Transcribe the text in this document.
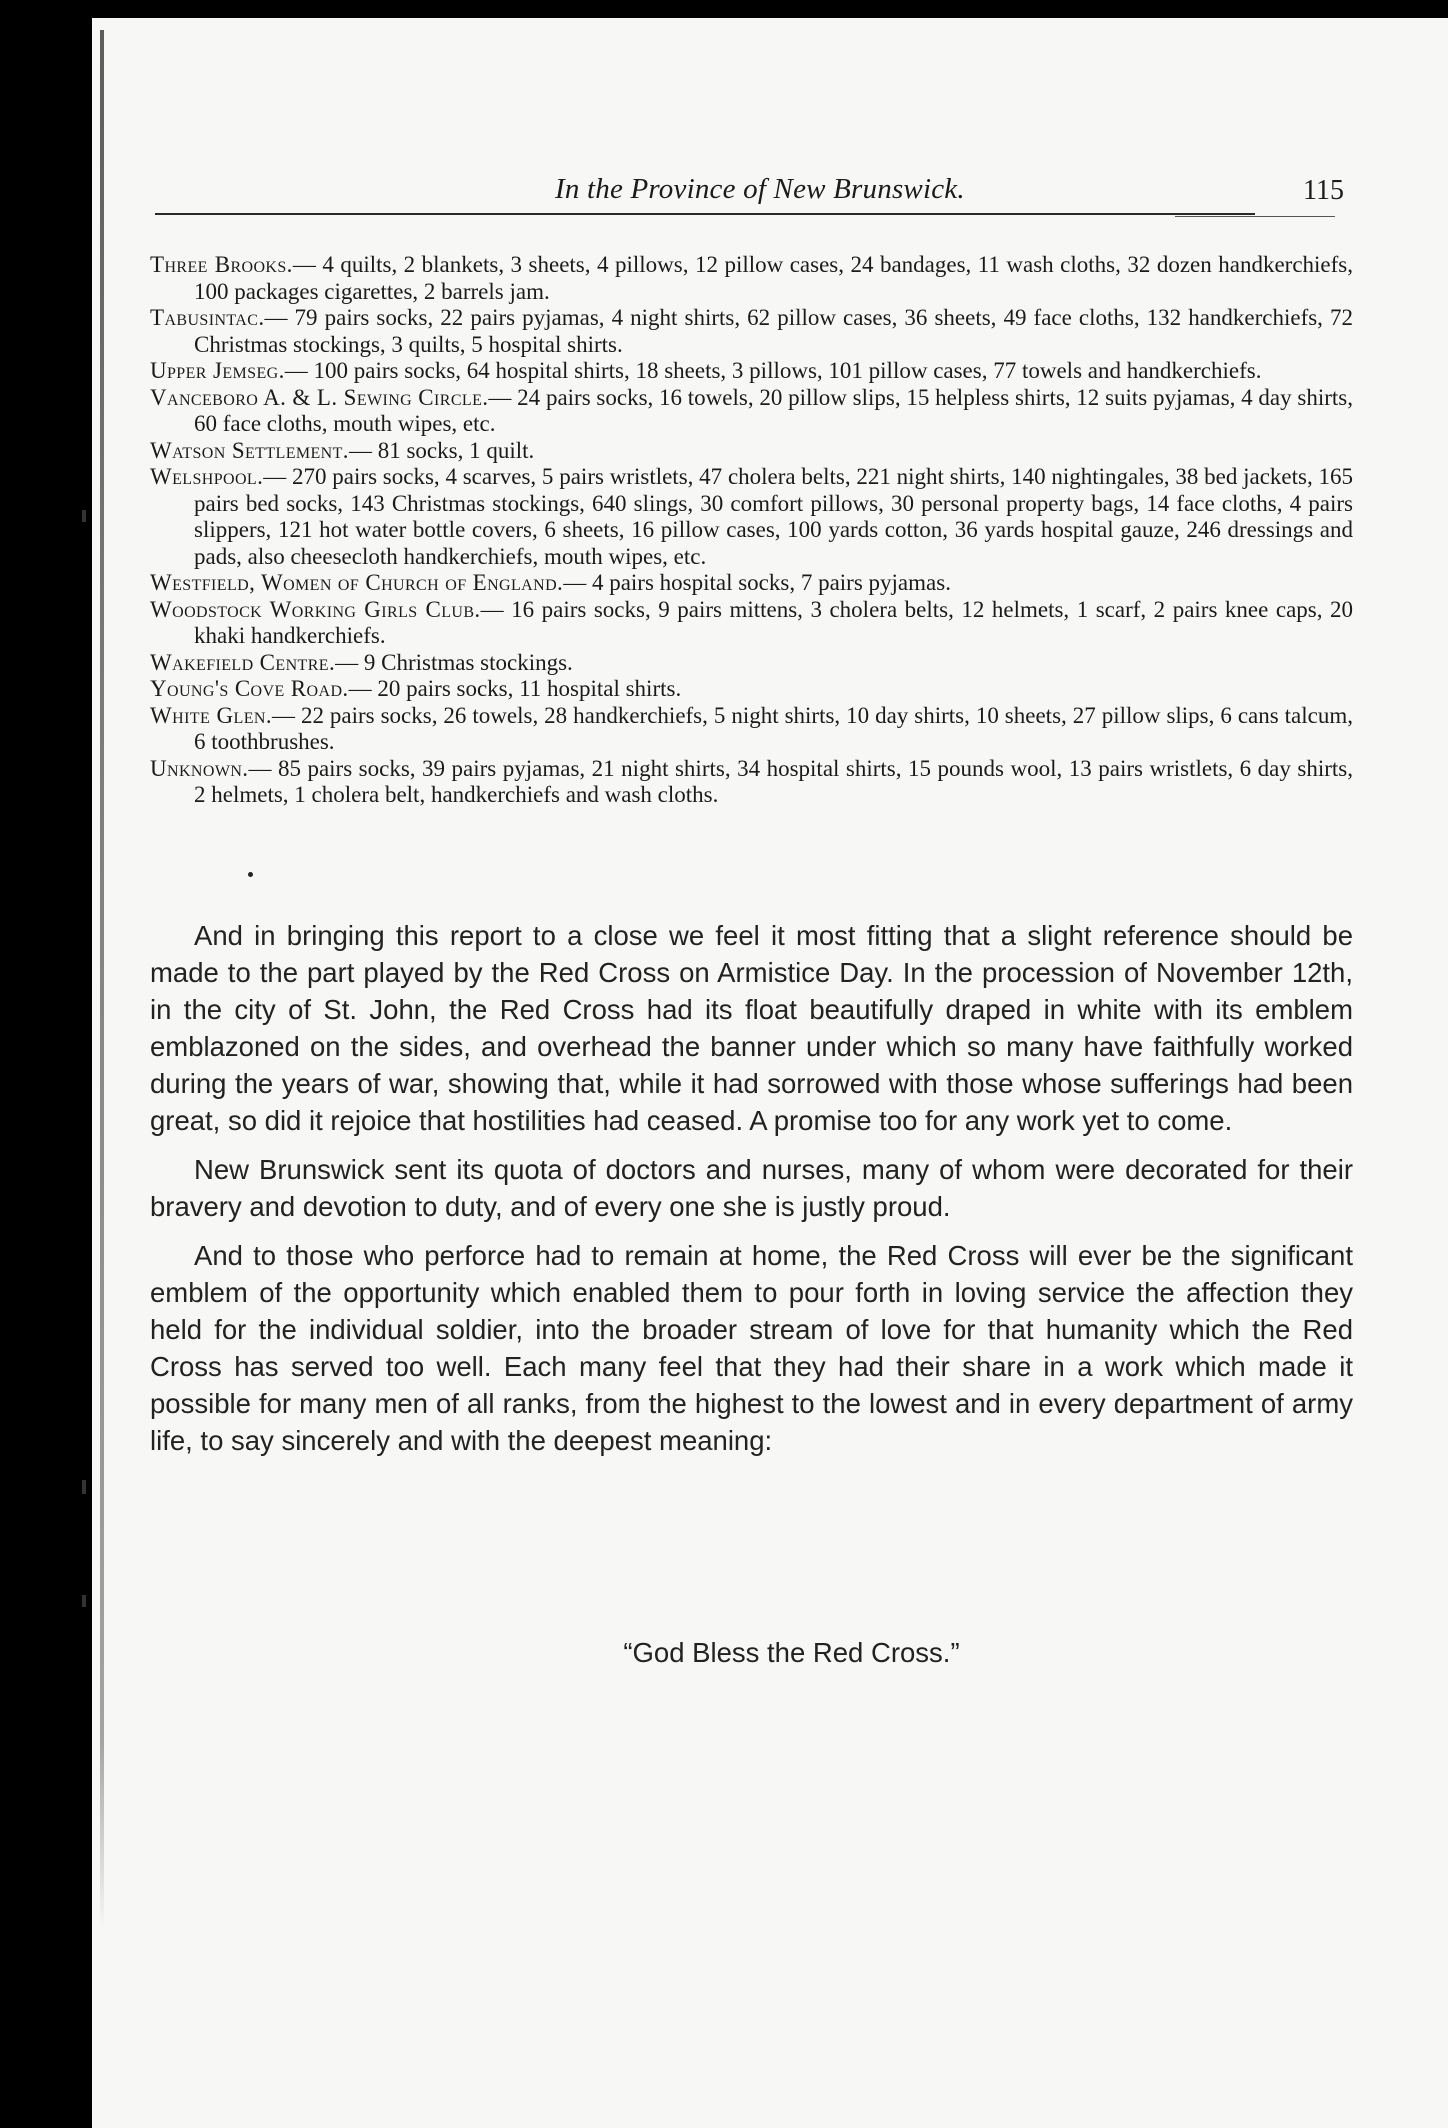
In the Province of New Brunswick.	115

Three Brooks.— 4 quilts, 2 blankets, 3 sheets, 4 pillows, 12 pillow cases, 24 bandages, 11 wash cloths, 32 dozen handkerchiefs, 100 packages cigarettes, 2 barrels jam.

Tabusintac.— 79 pairs socks, 22 pairs pyjamas, 4 night shirts, 62 pillow cases, 36 sheets, 49 face cloths, 132 handkerchiefs, 72 Christmas stockings, 3 quilts, 5 hospital shirts.

Upper Jemseg.— 100 pairs socks, 64 hospital shirts, 18 sheets, 3 pillows, 101 pillow cases, 77 towels and handkerchiefs.

Vanceboro A. & L. Sewing Circle.— 24 pairs socks, 16 towels, 20 pillow slips, 15 helpless shirts, 12 suits pyjamas, 4 day shirts, 60 face cloths, mouth wipes, etc.

Watson Settlement.— 81 socks, 1 quilt.

Welshpool.— 270 pairs socks, 4 scarves, 5 pairs wristlets, 47 cholera belts, 221 night shirts, 140 nightingales, 38 bed jackets, 165 pairs bed socks, 143 Christmas stockings, 640 slings, 30 comfort pillows, 30 personal property bags, 14 face cloths, 4 pairs slippers, 121 hot water bottle covers, 6 sheets, 16 pillow cases, 100 yards cotton, 36 yards hospital gauze, 246 dressings and pads, also cheesecloth handkerchiefs, mouth wipes, etc.

Westfield, Women of Church of England.— 4 pairs hospital socks, 7 pairs pyjamas.

Woodstock Working Girls Club.— 16 pairs socks, 9 pairs mittens, 3 cholera belts, 12 helmets, 1 scarf, 2 pairs knee caps, 20 khaki handkerchiefs.

Wakefield Centre.— 9 Christmas stockings.

Young's Cove Road.— 20 pairs socks, 11 hospital shirts.

White Glen.— 22 pairs socks, 26 towels, 28 handkerchiefs, 5 night shirts, 10 day shirts, 10 sheets, 27 pillow slips, 6 cans talcum, 6 toothbrushes.

Unknown.— 85 pairs socks, 39 pairs pyjamas, 21 night shirts, 34 hospital shirts, 15 pounds wool, 13 pairs wristlets, 6 day shirts, 2 helmets, 1 cholera belt, handkerchiefs and wash cloths.

And in bringing this report to a close we feel it most fitting that a slight reference should be made to the part played by the Red Cross on Armistice Day. In the procession of November 12th, in the city of St. John, the Red Cross had its float beautifully draped in white with its emblem emblazoned on the sides, and overhead the banner under which so many have faithfully worked during the years of war, showing that, while it had sorrowed with those whose sufferings had been great, so did it rejoice that hostilities had ceased. A promise too for any work yet to come.

New Brunswick sent its quota of doctors and nurses, many of whom were decorated for their bravery and devotion to duty, and of every one she is justly proud.

And to those who perforce had to remain at home, the Red Cross will ever be the significant emblem of the opportunity which enabled them to pour forth in loving service the affection they held for the individual soldier, into the broader stream of love for that humanity which the Red Cross has served too well. Each many feel that they had their share in a work which made it possible for many men of all ranks, from the highest to the lowest and in every department of army life, to say sincerely and with the deepest meaning:

“God Bless the Red Cross.”
